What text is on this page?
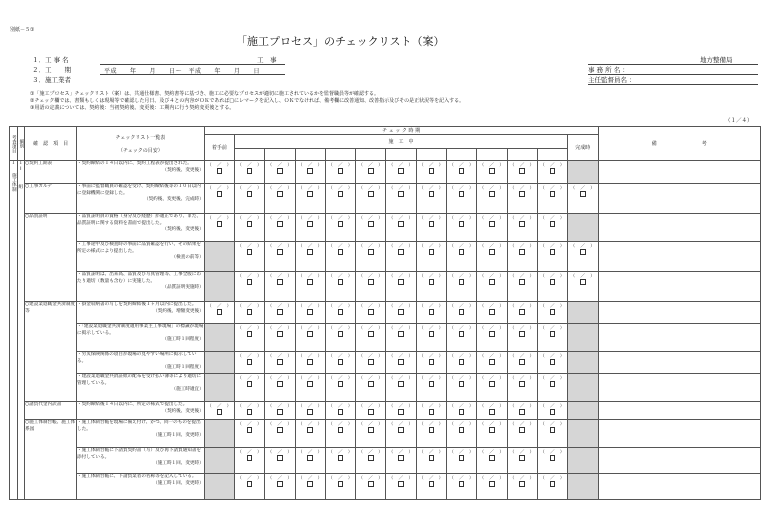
別紙－５①
「施工プロセス」のチェックリスト（案）
１．工 事 名
２．工　　期
３．施工業者
工　事
平成　　年　　月　　日～　平成　　年　　月　　日
地方整備局
事 務 所 名 ：
主任監督員名 ：
①「施工プロセス」チェックリスト（案）は、共通仕様書、契約書等に基づき、施工に必要なプロセスが適切に施工されているかを監督職員等が確認する。
②チェック欄では、書類もしくは現場等で確認した月日、及び４との内容がＯＫであれば□にレマークを記入し、ＯＫでなければ、備考欄に改善通知、改善指示及びその是正状況等を記入する。
③用語の定義については、契約後：当初契約後、変更後：工期内に行う契約変更後とする。
（１／４）
考査項目	細別	確　認　項　目	チェックリスト一覧表

（チェックの目安）	チ ェ ッ ク 時 期													備　　　　　　　　　考
				着手前	施　工　中											完成時	

１

施工体制	１
Ⅰ

組	○契約工期表	・契約締結の１４日以内に、契約工程表が提出された。
（契約後、変更後）	（　／　）	（　／　）	（　／　）	（　／　）	（　／　）	（　／　）	（　／　）	（　／　）	（　／　）	（　／　）	（　／　）	（　／　）		

		○工事カルテ	・事前に監督職員の確認を受け、契約締結後等の１０日以内に登録機関に登録した。
（契約後、変更後、完成時）	（　／　）	（　／　）	（　／　）	（　／　）	（　／　）	（　／　）	（　／　）	（　／　）	（　／　）	（　／　）	（　／　）	（　／　）	（　／　）	

		○品質証明	・品質証明員の資格（身分及び経歴）が適正であり、また、品質証明に関する資料を書面で提出した。
（契約後、変更後）	（　／　）	（　／　）	（　／　）	（　／　）	（　／　）	（　／　）	（　／　）	（　／　）	（　／　）	（　／　）	（　／　）	（　／　）		

			・工事途中及び検査時の事前に品質確認を行い、その結果を所定の様式により提出した。
（検査の前等）		（　／　）	（　／　）	（　／　）	（　／　）	（　／　）	（　／　）	（　／　）	（　／　）	（　／　）	（　／　）	（　／　）	（　／　）	

			・品質証明は、出来高、品質及び写真管理等、工事全般にわたり適切（数量も含む）に実施した。
（品質証明実施時）		（　／　）	（　／　）	（　／　）	（　／　）	（　／　）	（　／　）	（　／　）	（　／　）	（　／　）	（　／　）	（　／　）	（　／　）	

		○建設業退職金共済制度等	・掛金収納書の写しを契約締結後１ヶ月以内に提出した。
（契約後、増額変更後）	（　／　）	（　／　）	（　／　）	（　／　）	（　／　）	（　／　）	（　／　）	（　／　）	（　／　）	（　／　）	（　／　）	（　／　）		

			・「建設業退職金共済制度適用事業主工事現場」の標識が現場に掲示している。
（施工時１回程度）		（　／　）	（　／　）	（　／　）	（　／　）	（　／　）	（　／　）	（　／　）	（　／　）	（　／　）	（　／　）	（　／　）		

			・労災保険関係の項目が現場の見やすい場所に掲示している。
（施工時１回程度）		（　／　）	（　／　）	（　／　）	（　／　）	（　／　）	（　／　）	（　／　）	（　／　）	（　／　）	（　／　）	（　／　）		

			・建設業退職金共済証紙の配布を受け払い簿等により適切に管理している。
（施工時適宜）		（　／　）	（　／　）	（　／　）	（　／　）	（　／　）	（　／　）	（　／　）	（　／　）	（　／　）	（　／　）	（　／　）		

		○諸負代金内訳書	・契約締結後１４日以内に、所定の様式で提出した。
（契約後、変更後）	（　／　）	（　／　）	（　／　）	（　／　）	（　／　）	（　／　）	（　／　）	（　／　）	（　／　）	（　／　）	（　／　）	（　／　）		

		○施工体制台帳、施工体系図	・施工体制台帳を現場に備え付け、かつ、同一のものを提出した。
（施工時１回、変更時）		（　／　）	（　／　）	（　／　）	（　／　）	（　／　）	（　／　）	（　／　）	（　／　）	（　／　）	（　／　）	（　／　）		

			・施工体制台帳に下請負契約書（写）及び再下請負通知書を添付している。
（施工時１回、変更時）		（　／　）	（　／　）	（　／　）	（　／　）	（　／　）	（　／　）	（　／　）	（　／　）	（　／　）	（　／　）	（　／　）		

			・施工体制台帳に、下請負業者の名称等を記入している。
（施工時１回、変更時）		（　／　）	（　／　）	（　／　）	（　／　）	（　／　）	（　／　）	（　／　）	（　／　）	（　／　）	（　／　）	（　／　）		
